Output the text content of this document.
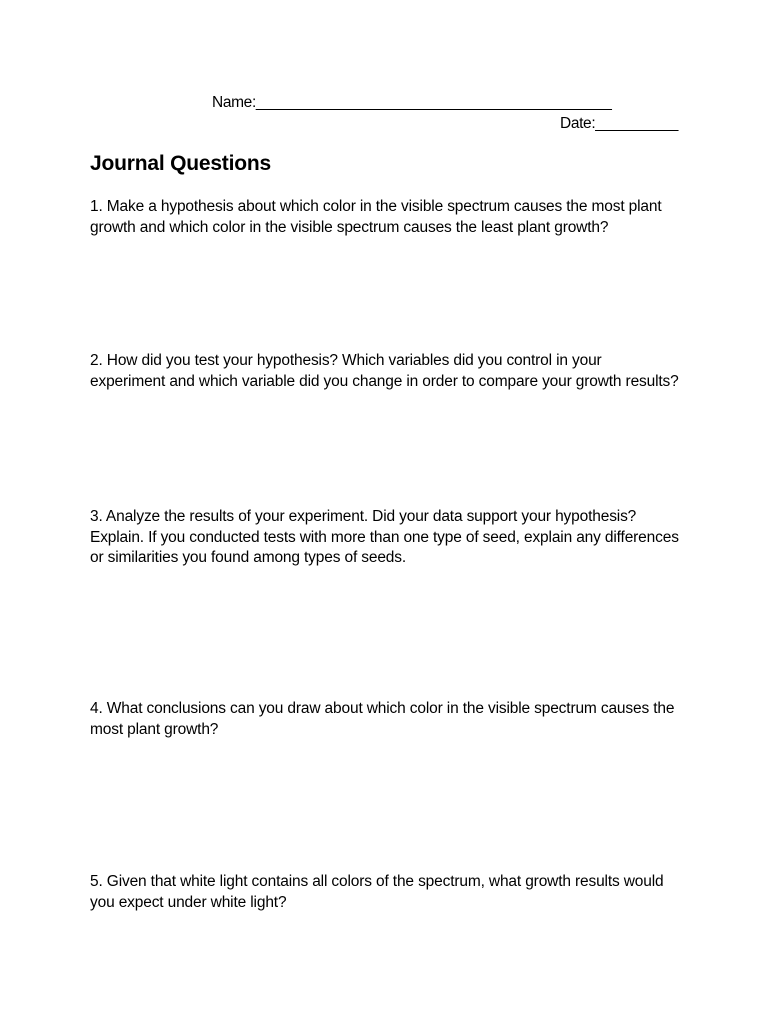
Name:___________________________________________
Date:__________
Journal Questions

1. Make a hypothesis about which color in the visible spectrum causes the most plant growth and which color in the visible spectrum causes the least plant growth?

2. How did you test your hypothesis? Which variables did you control in your experiment and which variable did you change in order to compare your growth results?

3. Analyze the results of your experiment. Did your data support your hypothesis? Explain. If you conducted tests with more than one type of seed, explain any differences or similarities you found among types of seeds.

4. What conclusions can you draw about which color in the visible spectrum causes the most plant growth?

5. Given that white light contains all colors of the spectrum, what growth results would you expect under white light?
